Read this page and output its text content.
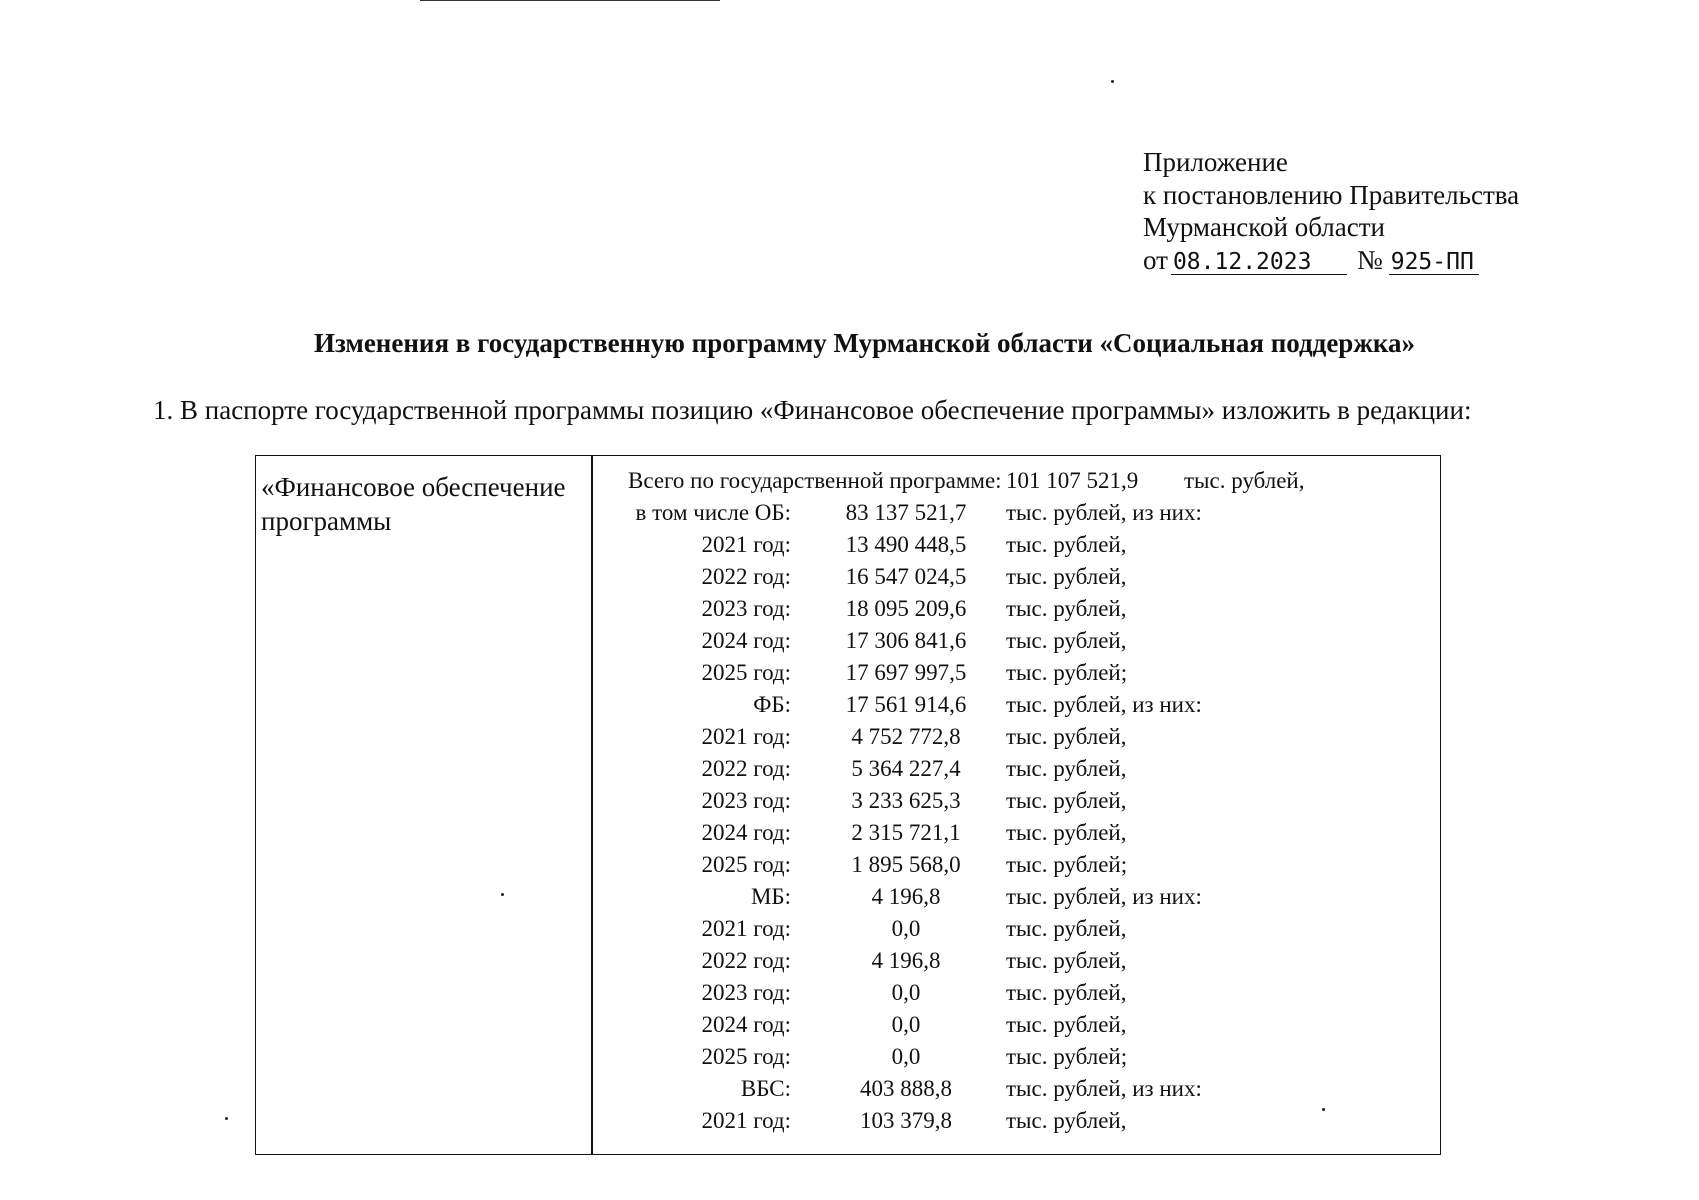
Приложение
к постановлению Правительства
Мурманской области
от 08.12.2023	№ 925-ПП
Изменения в государственную программу Мурманской области «Социальная поддержка»
1. В паспорте государственной программы позицию «Финансовое обеспечение программы» изложить в редакции:
«Финансовое обеспечение программы
Всего по государственной программе: 101 107 521,9 тыс. рублей,
в том числе ОБ:	83 137 521,7	тыс. рублей, из них:
2021 год:	13 490 448,5	тыс. рублей,
2022 год:	16 547 024,5	тыс. рублей,
2023 год:	18 095 209,6	тыс. рублей,
2024 год:	17 306 841,6	тыс. рублей,
2025 год:	17 697 997,5	тыс. рублей;
ФБ:	17 561 914,6	тыс. рублей, из них:
2021 год:	4 752 772,8	тыс. рублей,
2022 год:	5 364 227,4	тыс. рублей,
2023 год:	3 233 625,3	тыс. рублей,
2024 год:	2 315 721,1	тыс. рублей,
2025 год:	1 895 568,0	тыс. рублей;
МБ:	4 196,8	тыс. рублей, из них:
2021 год:	0,0	тыс. рублей,
2022 год:	4 196,8	тыс. рублей,
2023 год:	0,0	тыс. рублей,
2024 год:	0,0	тыс. рублей,
2025 год:	0,0	тыс. рублей;
ВБС:	403 888,8	тыс. рублей, из них:
2021 год:	103 379,8	тыс. рублей,
